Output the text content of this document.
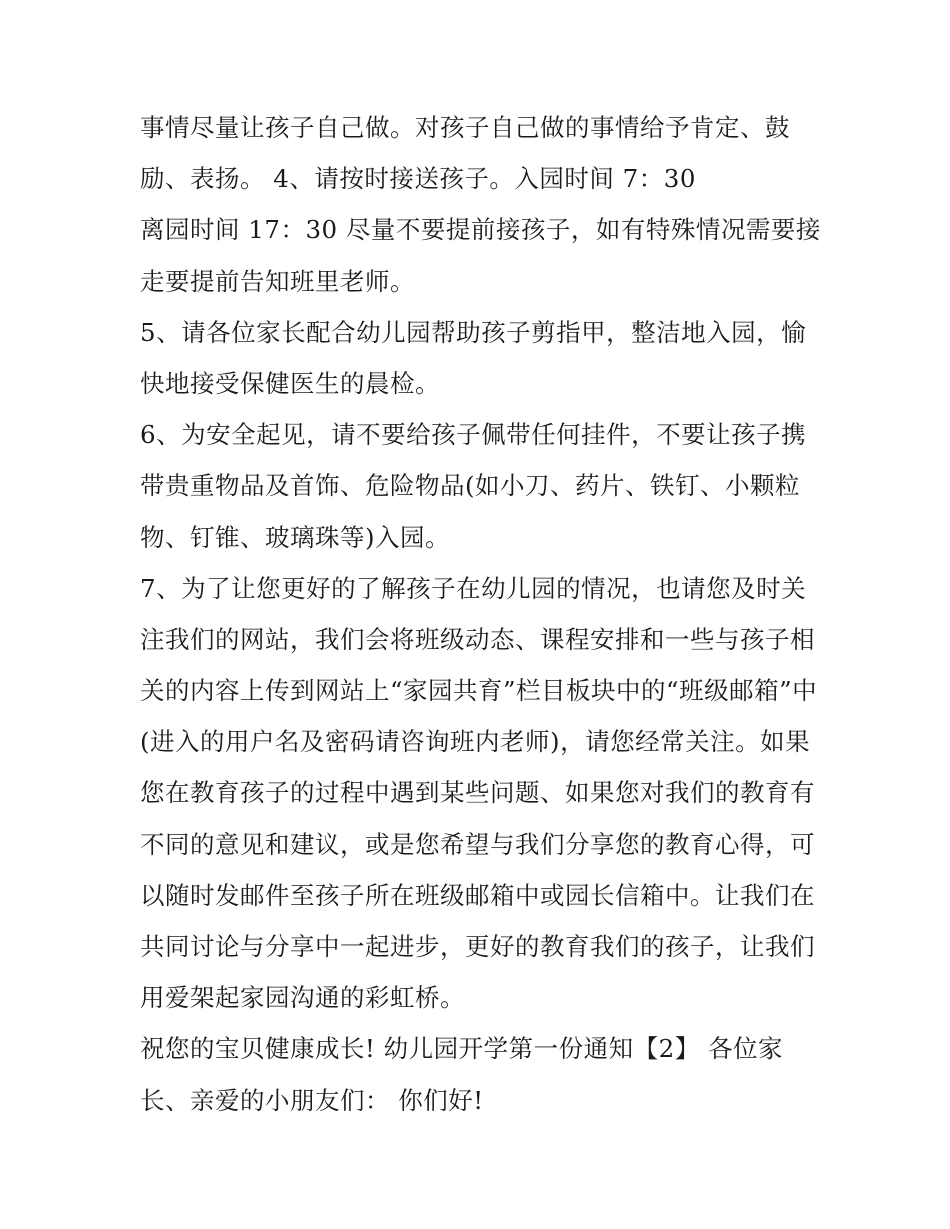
事情尽量让孩子自己做。对孩子自己做的事情给予肯定、鼓
励、表扬。 4、请按时接送孩子。入园时间 7：30
离园时间 17：30 尽量不要提前接孩子，如有特殊情况需要接
走要提前告知班里老师。
5、请各位家长配合幼儿园帮助孩子剪指甲，整洁地入园，愉
快地接受保健医生的晨检。
6、为安全起见，请不要给孩子佩带任何挂件，不要让孩子携
带贵重物品及首饰、危险物品(如小刀、药片、铁钉、小颗粒
物、钉锥、玻璃珠等)入园。
7、为了让您更好的了解孩子在幼儿园的情况，也请您及时关
注我们的网站，我们会将班级动态、课程安排和一些与孩子相
关的内容上传到网站上“家园共育”栏目板块中的“班级邮箱”中
(进入的用户名及密码请咨询班内老师)，请您经常关注。如果
您在教育孩子的过程中遇到某些问题、如果您对我们的教育有
不同的意见和建议，或是您希望与我们分享您的教育心得，可
以随时发邮件至孩子所在班级邮箱中或园长信箱中。让我们在
共同讨论与分享中一起进步，更好的教育我们的孩子，让我们
用爱架起家园沟通的彩虹桥。
祝您的宝贝健康成长! 幼儿园开学第一份通知【2】 各位家
长、亲爱的小朋友们： 你们好!
